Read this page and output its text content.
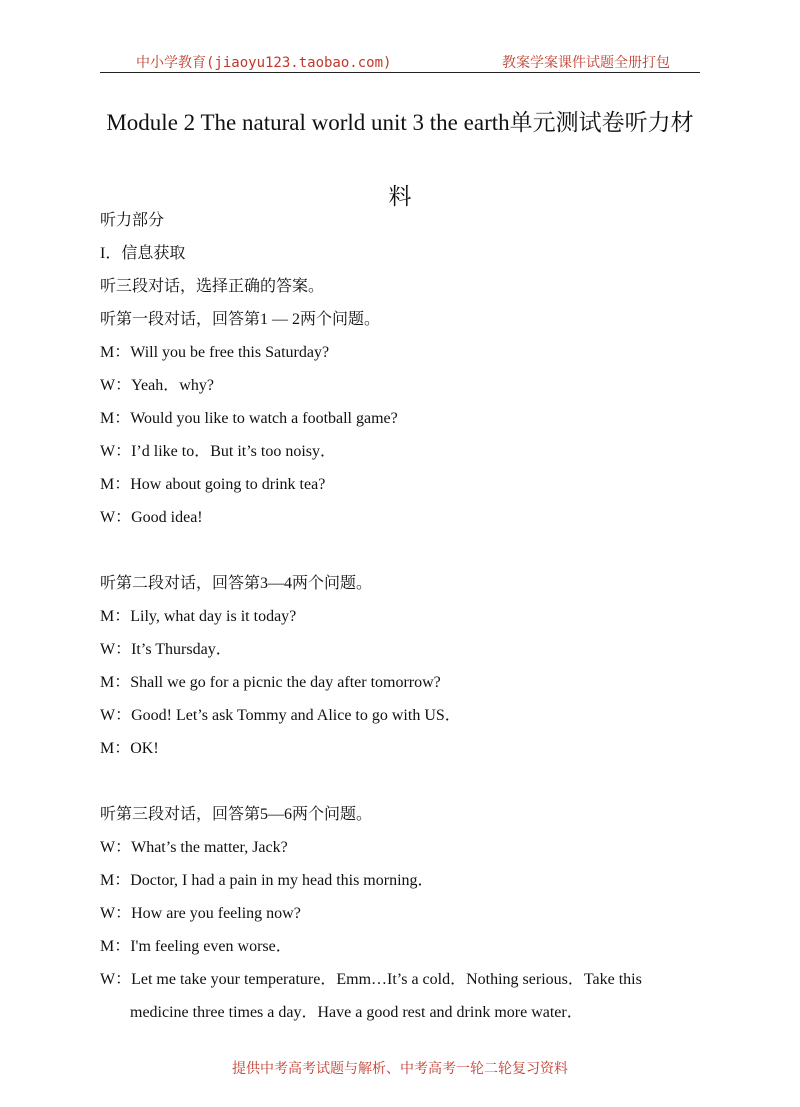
中小学教育(jiaoyu123.taobao.com)	教案学案课件试题全册打包
Module 2 The natural world unit 3 the earth单元测试卷听力材料
听力部分
I．信息获取
听三段对话，选择正确的答案。
听第一段对话，回答第1 — 2两个问题。
M：Will you be free this Saturday?
W：Yeah．why?
M：Would you like to watch a football game?
W：I’d like to．But it’s too noisy．
M：How about going to drink tea?
W：Good idea!
听第二段对话，回答第3—4两个问题。
M：Lily, what day is it today?
W：It’s Thursday．
M：Shall we go for a picnic the day after tomorrow?
W：Good! Let’s ask Tommy and Alice to go with US．
M：OK!
听第三段对话，回答第5—6两个问题。
W：What’s the matter, Jack?
M：Doctor, I had a pain in my head this morning．
W：How are you feeling now?
M：I'm feeling even worse．
W：Let me take your temperature．Emm…It’s a cold．Nothing serious．Take this
medicine three times a day．Have a good rest and drink more water．
提供中考高考试题与解析、中考高考一轮二轮复习资料
